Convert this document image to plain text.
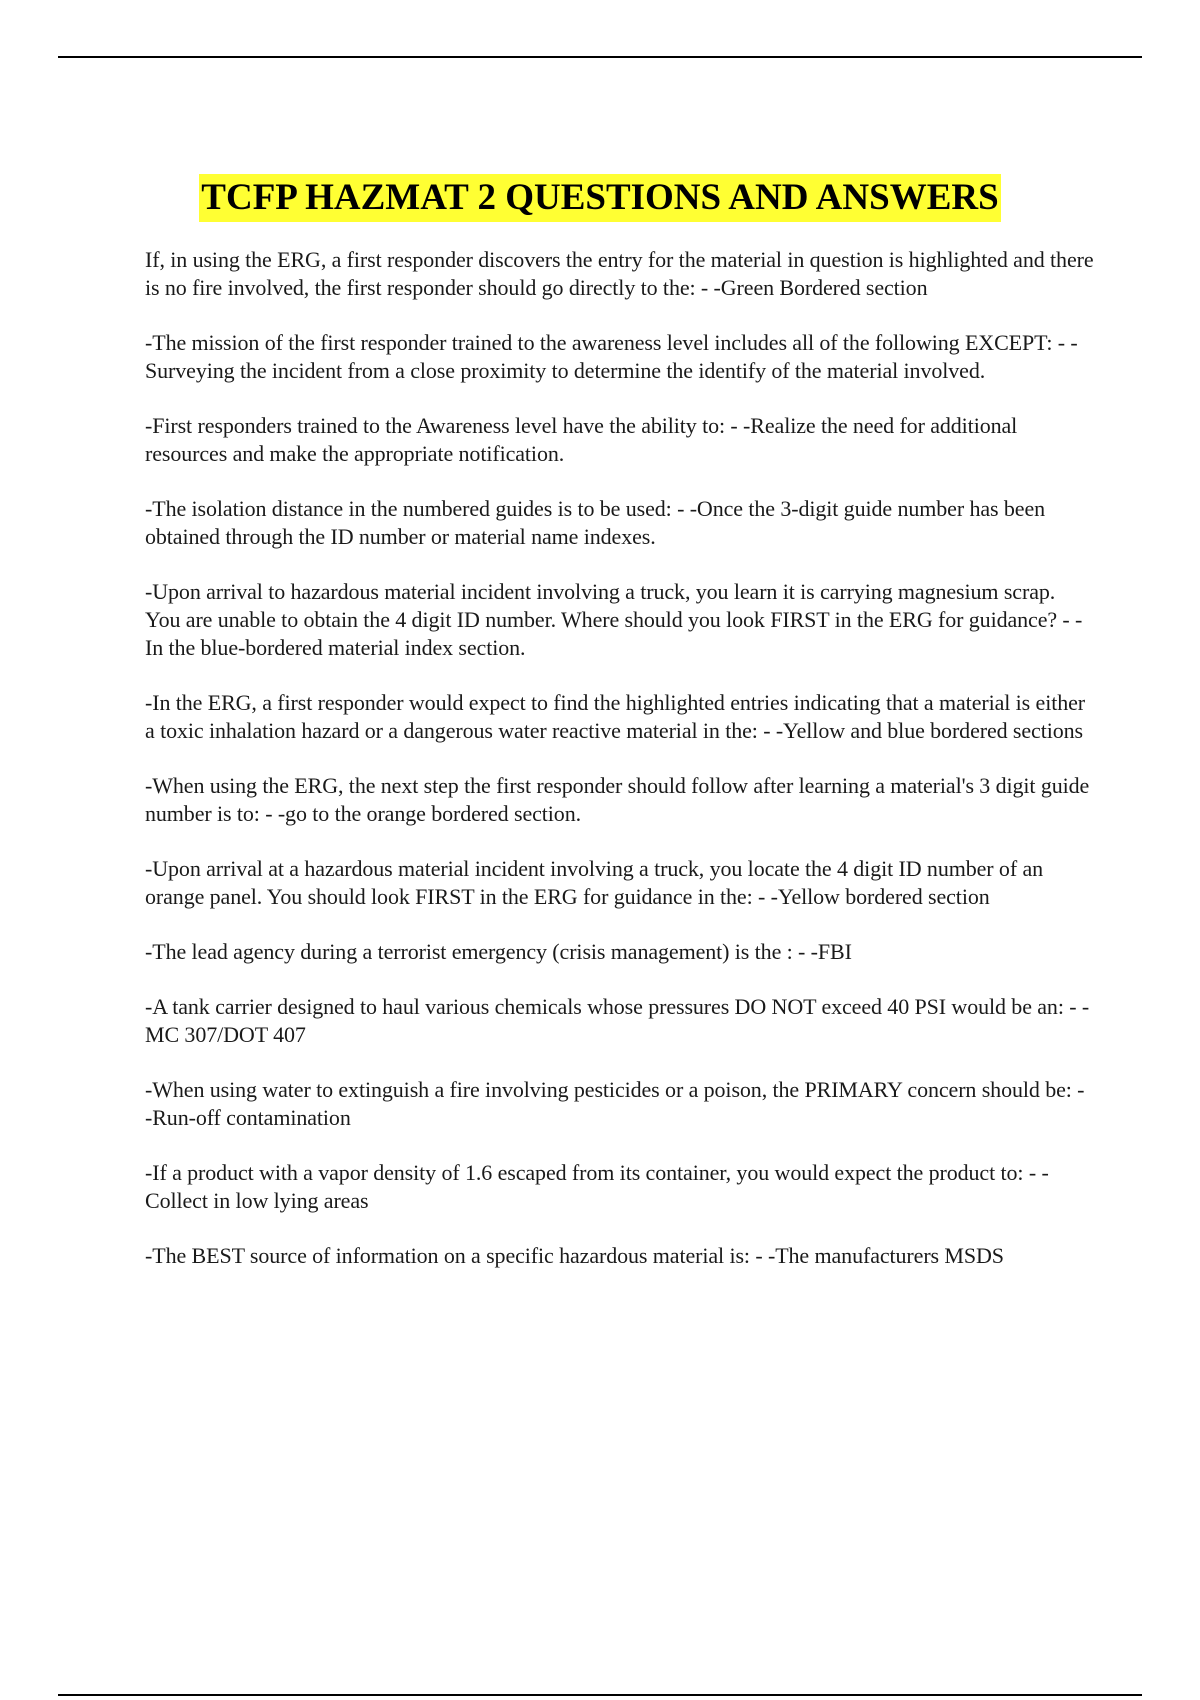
TCFP HAZMAT 2 QUESTIONS AND ANSWERS

If, in using the ERG, a first responder discovers the entry for the material in question is highlighted and there is no fire involved, the first responder should go directly to the: - -Green Bordered section

-The mission of the first responder trained to the awareness level includes all of the following EXCEPT: - -Surveying the incident from a close proximity to determine the identify of the material involved.

-First responders trained to the Awareness level have the ability to: - -Realize the need for additional resources and make the appropriate notification.

-The isolation distance in the numbered guides is to be used: - -Once the 3-digit guide number has been obtained through the ID number or material name indexes.

-Upon arrival to hazardous material incident involving a truck, you learn it is carrying magnesium scrap. You are unable to obtain the 4 digit ID number. Where should you look FIRST in the ERG for guidance? - -In the blue-bordered material index section.

-In the ERG, a first responder would expect to find the highlighted entries indicating that a material is either a toxic inhalation hazard or a dangerous water reactive material in the: - -Yellow and blue bordered sections

-When using the ERG, the next step the first responder should follow after learning a material's 3 digit guide number is to: - -go to the orange bordered section.

-Upon arrival at a hazardous material incident involving a truck, you locate the 4 digit ID number of an orange panel. You should look FIRST in the ERG for guidance in the: - -Yellow bordered section

-The lead agency during a terrorist emergency (crisis management) is the : - -FBI

-A tank carrier designed to haul various chemicals whose pressures DO NOT exceed 40 PSI would be an: - -MC 307/DOT 407

-When using water to extinguish a fire involving pesticides or a poison, the PRIMARY concern should be: - -Run-off contamination

-If a product with a vapor density of 1.6 escaped from its container, you would expect the product to: - -Collect in low lying areas

-The BEST source of information on a specific hazardous material is: - -The manufacturers MSDS
